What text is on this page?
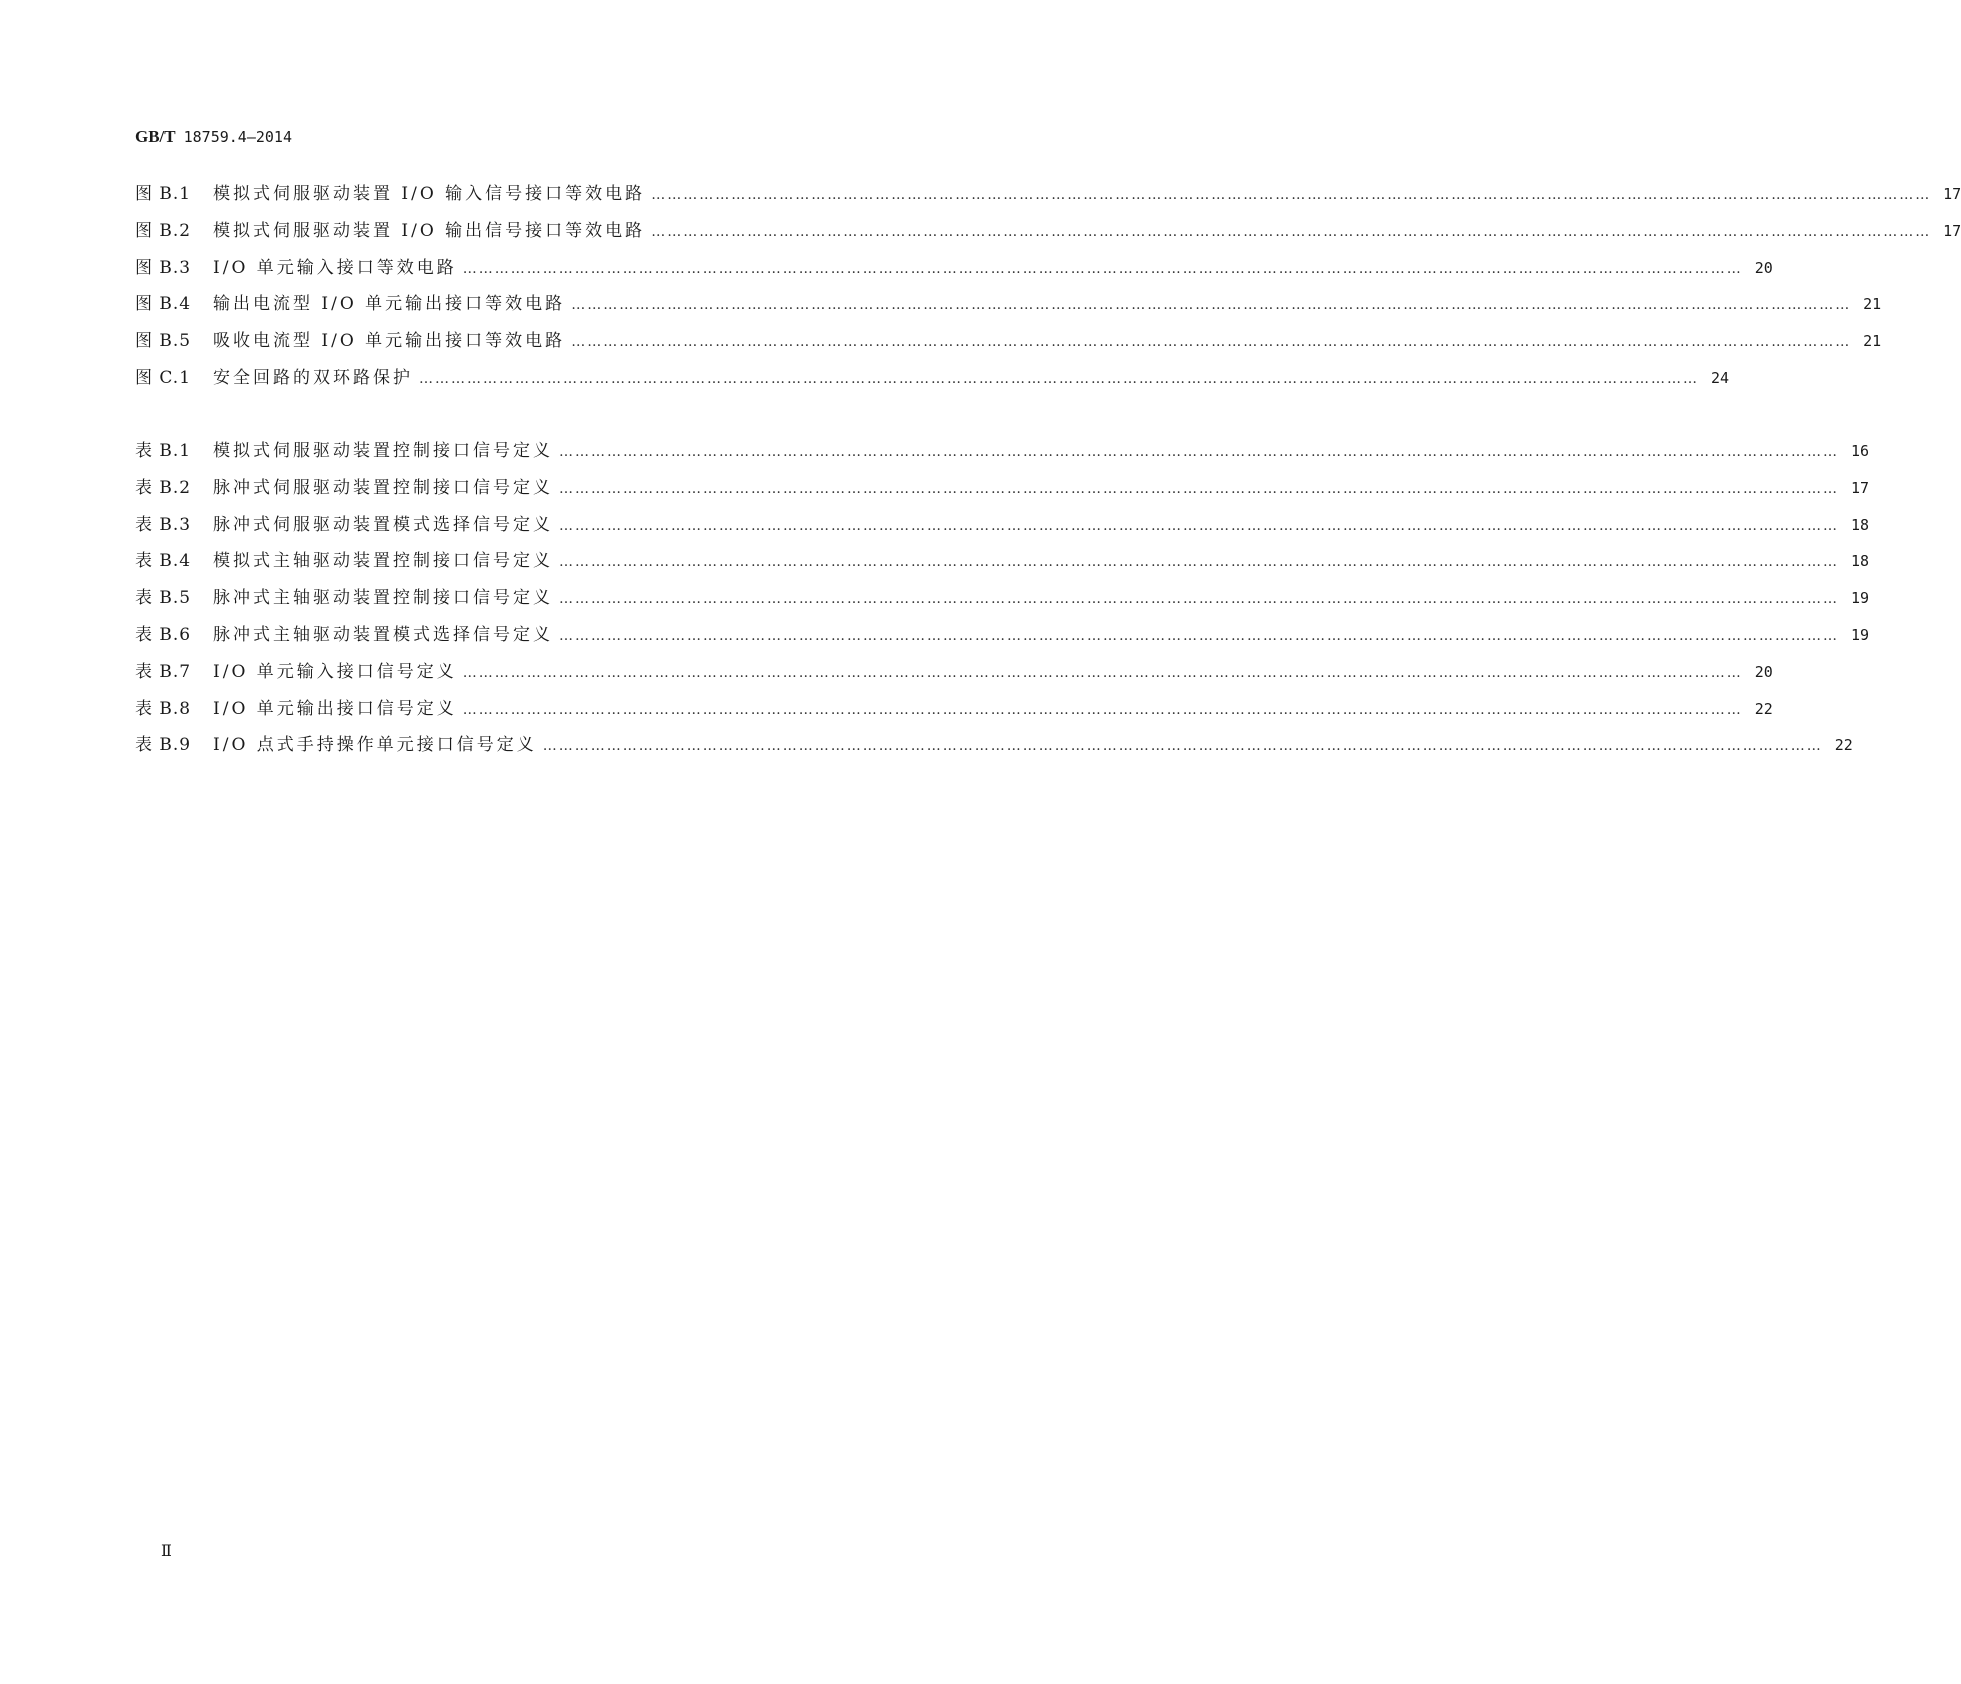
GB/T 18759.4—2014
图 B.1	模拟式伺服驱动装置 I/O 输入信号接口等效电路 …………………………………………………………………………………………………………………………………………………………………………………………………………………… 17
图 B.2	模拟式伺服驱动装置 I/O 输出信号接口等效电路 …………………………………………………………………………………………………………………………………………………………………………………………………………………… 17
图 B.3	I/O 单元输入接口等效电路 …………………………………………………………………………………………………………………………………………………………………………………………………………………… 20
图 B.4	输出电流型 I/O 单元输出接口等效电路 …………………………………………………………………………………………………………………………………………………………………………………………………………………… 21
图 B.5	吸收电流型 I/O 单元输出接口等效电路 …………………………………………………………………………………………………………………………………………………………………………………………………………………… 21
图 C.1	安全回路的双环路保护 …………………………………………………………………………………………………………………………………………………………………………………………………………………… 24
表 B.1	模拟式伺服驱动装置控制接口信号定义 …………………………………………………………………………………………………………………………………………………………………………………………………………………… 16
表 B.2	脉冲式伺服驱动装置控制接口信号定义 …………………………………………………………………………………………………………………………………………………………………………………………………………………… 17
表 B.3	脉冲式伺服驱动装置模式选择信号定义 …………………………………………………………………………………………………………………………………………………………………………………………………………………… 18
表 B.4	模拟式主轴驱动装置控制接口信号定义 …………………………………………………………………………………………………………………………………………………………………………………………………………………… 18
表 B.5	脉冲式主轴驱动装置控制接口信号定义 …………………………………………………………………………………………………………………………………………………………………………………………………………………… 19
表 B.6	脉冲式主轴驱动装置模式选择信号定义 …………………………………………………………………………………………………………………………………………………………………………………………………………………… 19
表 B.7	I/O 单元输入接口信号定义 …………………………………………………………………………………………………………………………………………………………………………………………………………………… 20
表 B.8	I/O 单元输出接口信号定义 …………………………………………………………………………………………………………………………………………………………………………………………………………………… 22
表 B.9	I/O 点式手持操作单元接口信号定义 …………………………………………………………………………………………………………………………………………………………………………………………………………………… 22
Ⅱ
